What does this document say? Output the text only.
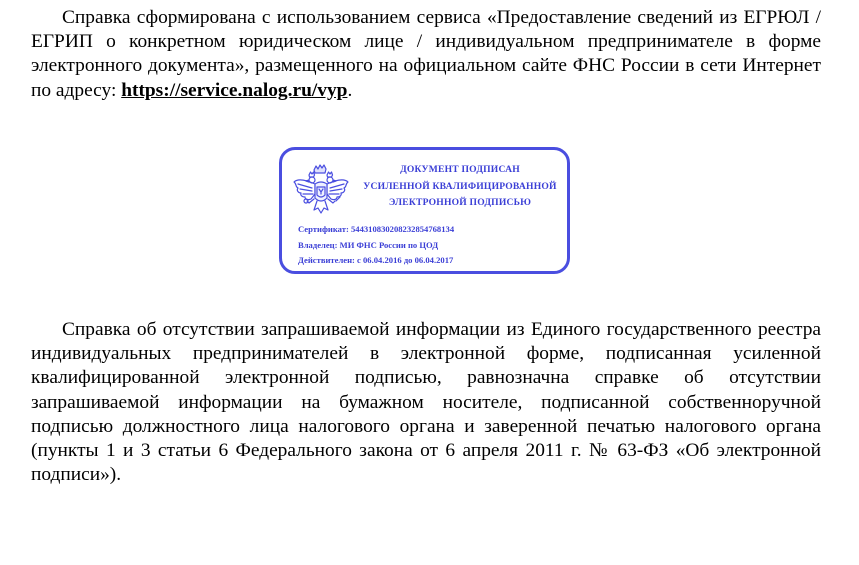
Справка сформирована с использованием сервиса «Предоставление сведений из ЕГРЮЛ / ЕГРИП о конкретном юридическом лице / индивидуальном предпринимателе в форме электронного документа», размещенного на официальном сайте ФНС России в сети Интернет по адресу: https://service.nalog.ru/vyp.

ДОКУМЕНТ ПОДПИСАН
УСИЛЕННОЙ КВАЛИФИЦИРОВАННОЙ
ЭЛЕКТРОННОЙ ПОДПИСЬЮ
Сертификат: 544310830208232854768134
Владелец: МИ ФНС России по ЦОД
Действителен: с 06.04.2016 до 06.04.2017

Справка об отсутствии запрашиваемой информации из Единого государственного реестра индивидуальных предпринимателей в электронной форме, подписанная усиленной квалифицированной электронной подписью, равнозначна справке об отсутствии запрашиваемой информации на бумажном носителе, подписанной собственноручной подписью должностного лица налогового органа и заверенной печатью налогового органа (пункты 1 и 3 статьи 6 Федерального закона от 6 апреля 2011 г. № 63-ФЗ «Об электронной подписи»).
